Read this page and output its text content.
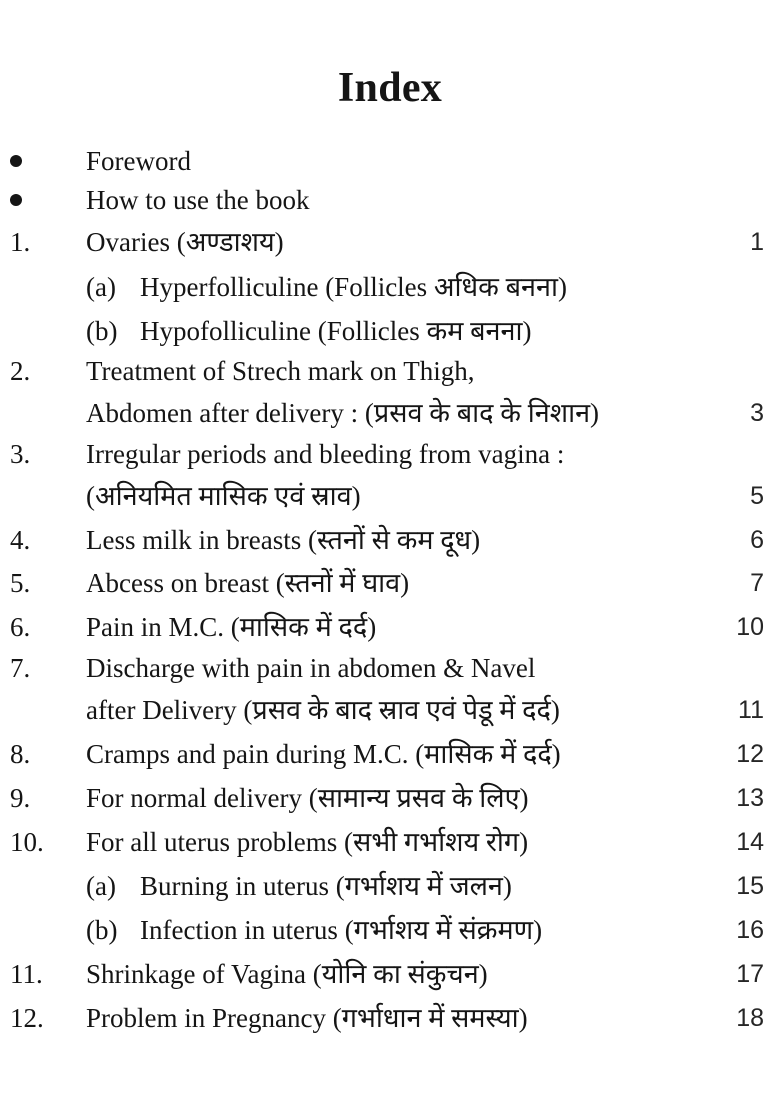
Index
Foreword
How to use the book
1. Ovaries (अण्डाशय)	1
(a) Hyperfolliculine (Follicles अधिक बनना)
(b) Hypofolliculine (Follicles कम बनना)
2. Treatment of Strech mark on Thigh,
Abdomen after delivery : (प्रसव के बाद के निशान)	3
3. Irregular periods and bleeding from vagina :
(अनियमित मासिक एवं स्राव)	5
4. Less milk in breasts (स्तनों से कम दूध)	6
5. Abcess on breast (स्तनों में घाव)	7
6. Pain in M.C. (मासिक में दर्द)	10
7. Discharge with pain in abdomen & Navel
after Delivery (प्रसव के बाद स्राव एवं पेडू में दर्द)	11
8. Cramps and pain during M.C. (मासिक में दर्द)	12
9. For normal delivery (सामान्य प्रसव के लिए)	13
10. For all uterus problems (सभी गर्भाशय रोग)	14
(a) Burning in uterus (गर्भाशय में जलन)	15
(b) Infection in uterus (गर्भाशय में संक्रमण)	16
11. Shrinkage of Vagina (योनि का संकुचन)	17
12. Problem in Pregnancy (गर्भाधान में समस्या)	18
